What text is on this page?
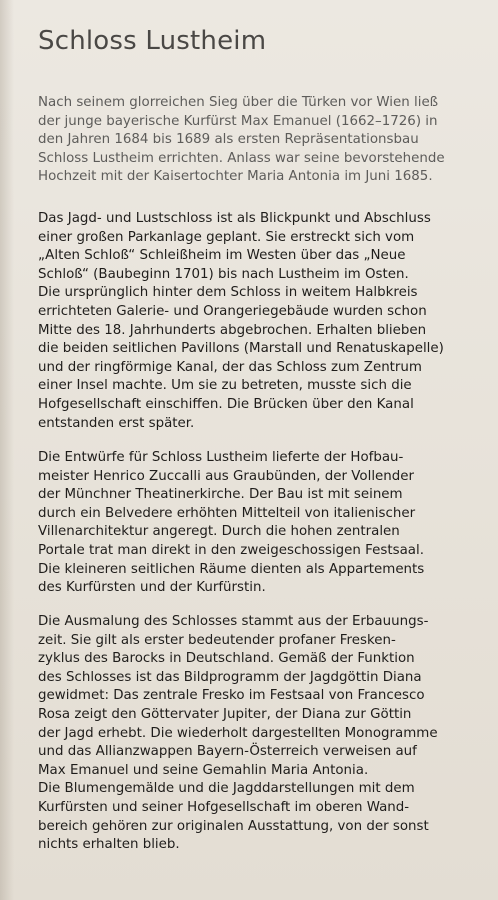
Schloss Lustheim

Nach seinem glorreichen Sieg über die Türken vor Wien ließ
der junge bayerische Kurfürst Max Emanuel (1662–1726) in
den Jahren 1684 bis 1689 als ersten Repräsentationsbau
Schloss Lustheim errichten. Anlass war seine bevorstehende
Hochzeit mit der Kaisertochter Maria Antonia im Juni 1685.

Das Jagd- und Lustschloss ist als Blickpunkt und Abschluss
einer großen Parkanlage geplant. Sie erstreckt sich vom
„Alten Schloß“ Schleißheim im Westen über das „Neue
Schloß“ (Baubeginn 1701) bis nach Lustheim im Osten.
Die ursprünglich hinter dem Schloss in weitem Halbkreis
errichteten Galerie- und Orangeriegebäude wurden schon
Mitte des 18. Jahrhunderts abgebrochen. Erhalten blieben
die beiden seitlichen Pavillons (Marstall und Renatuskapelle)
und der ringförmige Kanal, der das Schloss zum Zentrum
einer Insel machte. Um sie zu betreten, musste sich die
Hofgesellschaft einschiffen. Die Brücken über den Kanal
entstanden erst später.

Die Entwürfe für Schloss Lustheim lieferte der Hofbau-
meister Henrico Zuccalli aus Graubünden, der Vollender
der Münchner Theatinerkirche. Der Bau ist mit seinem
durch ein Belvedere erhöhten Mittelteil von italienischer
Villenarchitektur angeregt. Durch die hohen zentralen
Portale trat man direkt in den zweigeschossigen Festsaal.
Die kleineren seitlichen Räume dienten als Appartements
des Kurfürsten und der Kurfürstin.

Die Ausmalung des Schlosses stammt aus der Erbauungs-
zeit. Sie gilt als erster bedeutender profaner Fresken-
zyklus des Barocks in Deutschland. Gemäß der Funktion
des Schlosses ist das Bildprogramm der Jagdgöttin Diana
gewidmet: Das zentrale Fresko im Festsaal von Francesco
Rosa zeigt den Göttervater Jupiter, der Diana zur Göttin
der Jagd erhebt. Die wiederholt dargestellten Monogramme
und das Allianzwappen Bayern-Österreich verweisen auf
Max Emanuel und seine Gemahlin Maria Antonia.
Die Blumengemälde und die Jagddarstellungen mit dem
Kurfürsten und seiner Hofgesellschaft im oberen Wand-
bereich gehören zur originalen Ausstattung, von der sonst
nichts erhalten blieb.
